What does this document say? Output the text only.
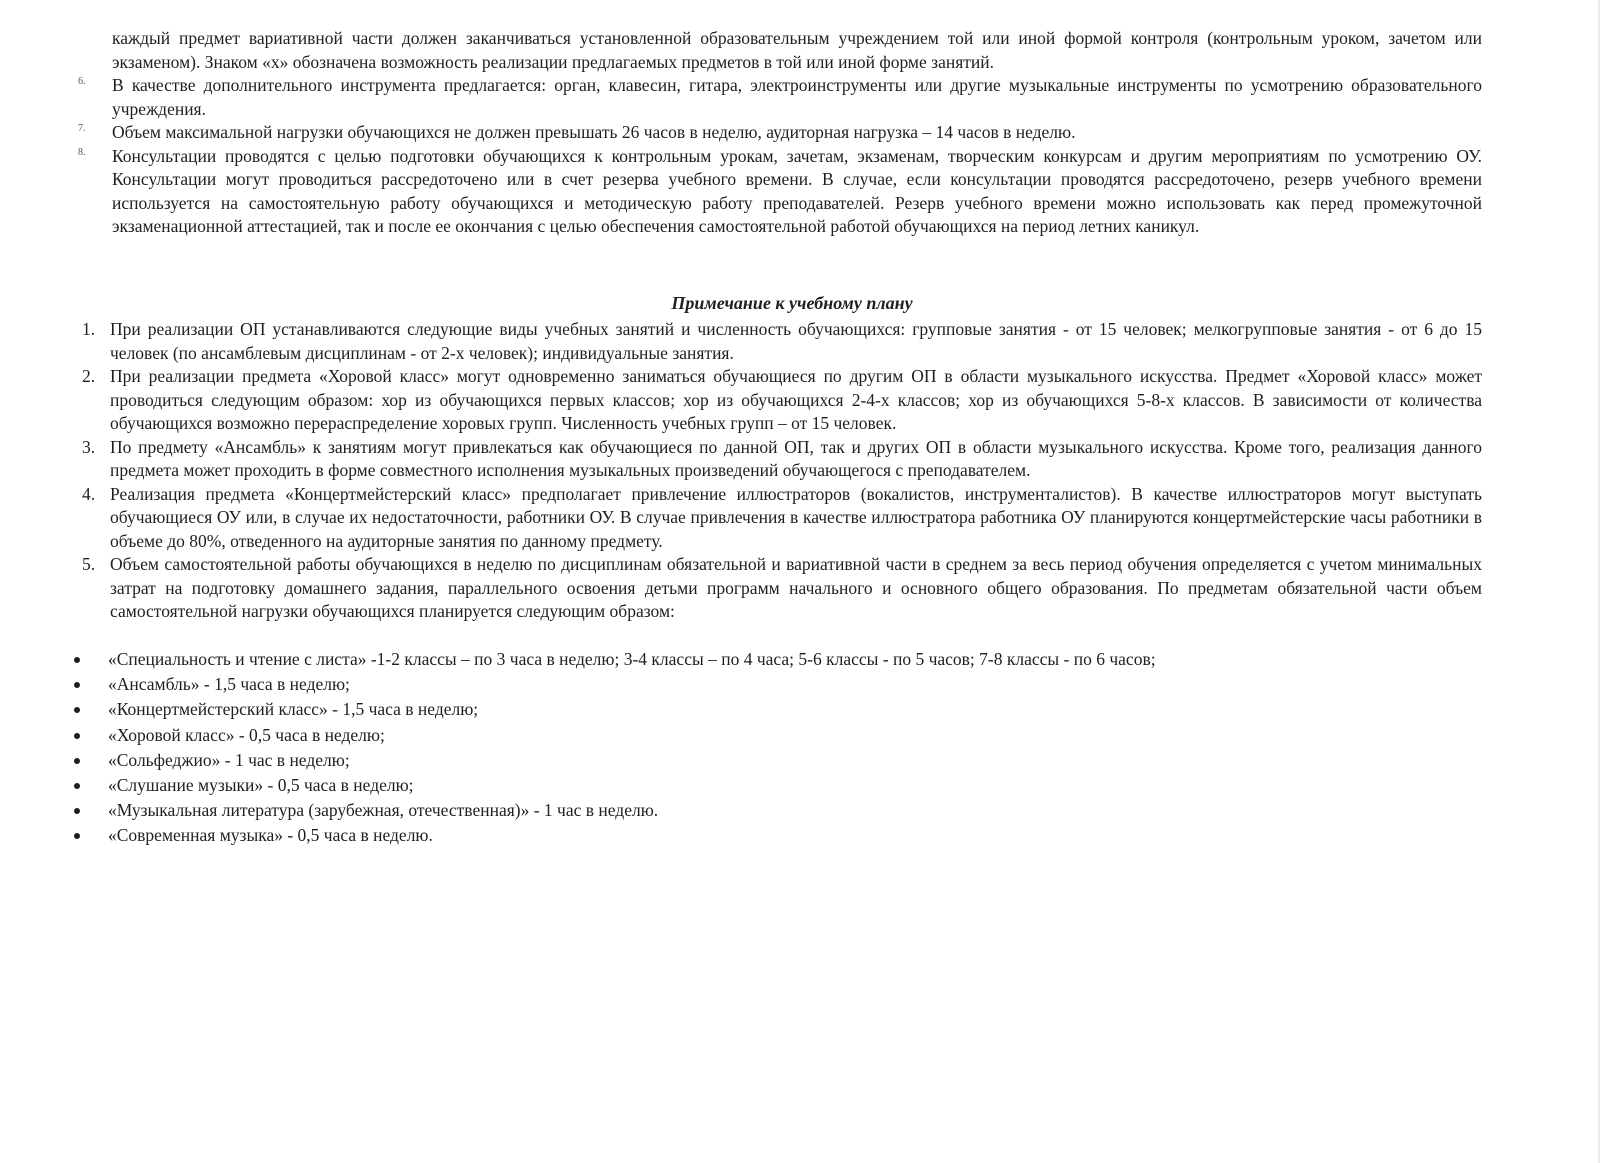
каждый предмет вариативной части должен заканчиваться установленной образовательным учреждением той или иной формой контроля (контрольным уроком, зачетом или экзаменом). Знаком «х» обозначена возможность реализации предлагаемых предметов в той или иной форме занятий.
6. В качестве дополнительного инструмента предлагается: орган, клавесин, гитара, электроинструменты или другие музыкальные инструменты по усмотрению образовательного учреждения.
7. Объем максимальной нагрузки обучающихся не должен превышать 26 часов в неделю, аудиторная нагрузка – 14 часов в неделю.
8. Консультации проводятся с целью подготовки обучающихся к контрольным урокам, зачетам, экзаменам, творческим конкурсам и другим мероприятиям по усмотрению ОУ. Консультации могут проводиться рассредоточено или в счет резерва учебного времени. В случае, если консультации проводятся рассредоточено, резерв учебного времени используется на самостоятельную работу обучающихся и методическую работу преподавателей. Резерв учебного времени можно использовать как перед промежуточной экзаменационной аттестацией, так и после ее окончания с целью обеспечения самостоятельной работой обучающихся на период летних каникул.
Примечание к учебному плану
1. При реализации ОП устанавливаются следующие виды учебных занятий и численность обучающихся: групповые занятия - от 15 человек; мелкогрупповые занятия - от 6 до 15 человек (по ансамблевым дисциплинам - от 2-х человек); индивидуальные занятия.
2. При реализации предмета «Хоровой класс» могут одновременно заниматься обучающиеся по другим ОП в области музыкального искусства. Предмет «Хоровой класс» может проводиться следующим образом: хор из обучающихся первых классов; хор из обучающихся 2-4-х классов; хор из обучающихся 5-8-х классов. В зависимости от количества обучающихся возможно перераспределение хоровых групп. Численность учебных групп – от 15 человек.
3. По предмету «Ансамбль» к занятиям могут привлекаться как обучающиеся по данной ОП, так и других ОП в области музыкального искусства. Кроме того, реализация данного предмета может проходить в форме совместного исполнения музыкальных произведений обучающегося с преподавателем.
4. Реализация предмета «Концертмейстерский класс» предполагает привлечение иллюстраторов (вокалистов, инструменталистов). В качестве иллюстраторов могут выступать обучающиеся ОУ или, в случае их недостаточности, работники ОУ. В случае привлечения в качестве иллюстратора работника ОУ планируются концертмейстерские часы работники в объеме до 80%, отведенного на аудиторные занятия по данному предмету.
5. Объем самостоятельной работы обучающихся в неделю по дисциплинам обязательной и вариативной части в среднем за весь период обучения определяется с учетом минимальных затрат на подготовку домашнего задания, параллельного освоения детьми программ начального и основного общего образования. По предметам обязательной части объем самостоятельной нагрузки обучающихся планируется следующим образом:
«Специальность и чтение с листа» -1-2 классы – по 3 часа в неделю; 3-4 классы – по 4 часа; 5-6 классы - по 5 часов; 7-8 классы - по 6 часов;
«Ансамбль» - 1,5 часа в неделю;
«Концертмейстерский класс» - 1,5 часа в неделю;
«Хоровой класс» - 0,5 часа в неделю;
«Сольфеджио» - 1 час в неделю;
«Слушание музыки» - 0,5 часа в неделю;
«Музыкальная литература (зарубежная, отечественная)» - 1 час в неделю.
«Современная музыка» - 0,5 часа в неделю.
